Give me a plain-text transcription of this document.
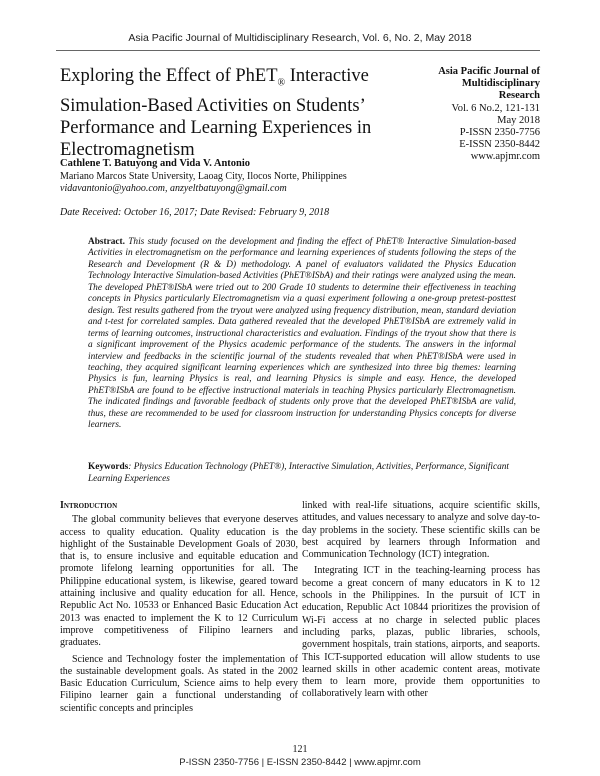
Asia Pacific Journal of Multidisciplinary Research, Vol. 6, No. 2, May 2018
Exploring the Effect of PhET$_®$ Interactive Simulation-Based Activities on Students’ Performance and Learning Experiences in Electromagnetism
Asia Pacific Journal of
Multidisciplinary
Research
Vol. 6 No.2, 121-131
May 2018
P-ISSN 2350-7756
E-ISSN 2350-8442
www.apjmr.com
Cathlene T. Batuyong and Vida V. Antonio
Mariano Marcos State University, Laoag City, Ilocos Norte, Philippines
vidavantonio@yahoo.com, anzyeltbatuyong@gmail.com
Date Received: October 16, 2017; Date Revised: February 9, 2018
Abstract. This study focused on the development and finding the effect of PhET® Interactive Simulation-based Activities in electromagnetism on the performance and learning experiences of students following the steps of the Research and Development (R & D) methodology. A panel of evaluators validated the Physics Education Technology Interactive Simulation-based Activities (PhET®ISbA) and their ratings were analyzed using the mean. The developed PhET®ISbA were tried out to 200 Grade 10 students to determine their effectiveness in teaching concepts in Physics particularly Electromagnetism via a quasi experiment following a one-group pretest-posttest design. Test results gathered from the tryout were analyzed using frequency distribution, mean, standard deviation and t-test for correlated samples. Data gathered revealed that the developed PhET®ISbA are extremely valid in terms of learning outcomes, instructional characteristics and evaluation. Findings of the tryout show that there is a significant improvement of the Physics academic performance of the students. The answers in the informal interview and feedbacks in the scientific journal of the students revealed that when PhET®ISbA were used in teaching, they acquired significant learning experiences which are synthesized into three big themes: learning Physics is fun, learning Physics is real, and learning Physics is simple and easy. Hence, the developed PhET®ISbA are found to be effective instructional materials in teaching Physics particularly Electromagnetism. The indicated findings and favorable feedback of students only prove that the developed PhET®ISbA are valid, thus, these are recommended to be used for classroom instruction for understanding Physics concepts for diverse learners.
Keywords: Physics Education Technology (PhET®), Interactive Simulation, Activities, Performance, Significant Learning Experiences
Introduction

The global community believes that everyone deserves access to quality education. Quality education is the highlight of the Sustainable Development Goals of 2030, that is, to ensure inclusive and equitable education and promote lifelong learning opportunities for all. The Philippine educational system, is likewise, geared toward attaining inclusive and quality education for all. Hence, Republic Act No. 10533 or Enhanced Basic Education Act 2013 was enacted to implement the K to 12 Curriculum improve competitiveness of Filipino learners and graduates.

Science and Technology foster the implementation of the sustainable development goals. As stated in the 2002 Basic Education Curriculum, Science aims to help every Filipino learner gain a functional understanding of scientific concepts and principles

linked with real-life situations, acquire scientific skills, attitudes, and values necessary to analyze and solve day-to-day problems in the society. These scientific skills can be best acquired by learners through Information and Communication Technology (ICT) integration.

Integrating ICT in the teaching-learning process has become a great concern of many educators in K to 12 schools in the Philippines. In the pursuit of ICT in education, Republic Act 10844 prioritizes the provision of Wi-Fi access at no charge in selected public places including parks, plazas, public libraries, schools, government hospitals, train stations, airports, and seaports. This ICT-supported education will allow students to use learned skills in other academic content areas, motivate them to learn more, provide them opportunities to collaboratively learn with other

121
P-ISSN 2350-7756 | E-ISSN 2350-8442 | www.apjmr.com
